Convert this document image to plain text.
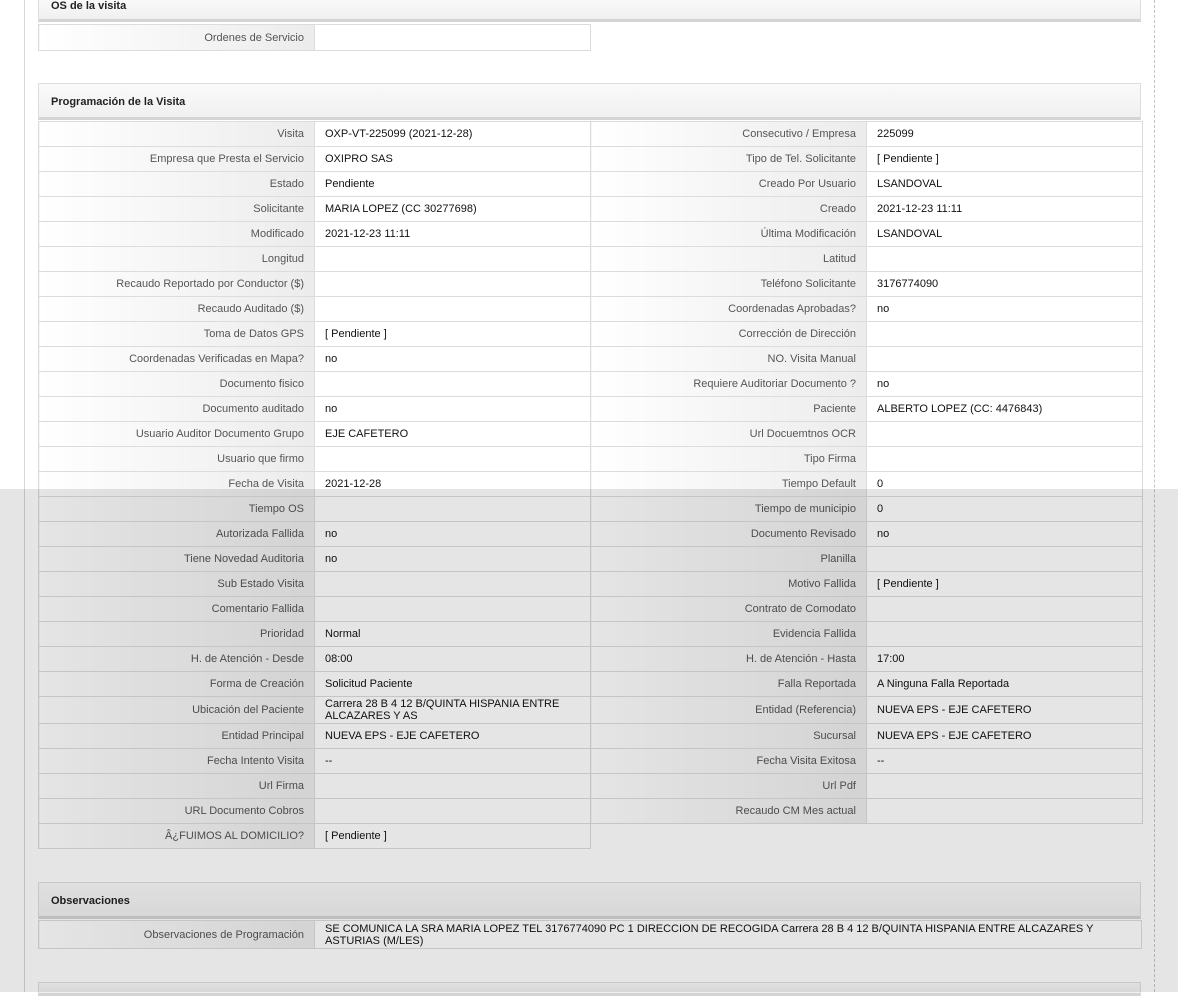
OS de la visita
Ordenes de Servicio	
Programación de la Visita
Visita	OXP-VT-225099 (2021-12-28)	Consecutivo / Empresa	225099
Empresa que Presta el Servicio	OXIPRO SAS	Tipo de Tel. Solicitante	[ Pendiente ]
Estado	Pendiente	Creado Por Usuario	LSANDOVAL
Solicitante	MARIA LOPEZ (CC 30277698)	Creado	2021-12-23 11:11
Modificado	2021-12-23 11:11	Última Modificación	LSANDOVAL
Longitud		Latitud	
Recaudo Reportado por Conductor ($)		Teléfono Solicitante	3176774090
Recaudo Auditado ($)		Coordenadas Aprobadas?	no
Toma de Datos GPS	[ Pendiente ]	Corrección de Dirección	
Coordenadas Verificadas en Mapa?	no	NO. Visita Manual	
Documento fisico		Requiere Auditoriar Documento ?	no
Documento auditado	no	Paciente	ALBERTO LOPEZ (CC: 4476843)
Usuario Auditor Documento Grupo	EJE CAFETERO	Url Docuemtnos OCR	
Usuario que firmo		Tipo Firma	
Fecha de Visita	2021-12-28	Tiempo Default	0
Tiempo OS		Tiempo de municipio	0
Autorizada Fallida	no	Documento Revisado	no
Tiene Novedad Auditoria	no	Planilla	
Sub Estado Visita		Motivo Fallida	[ Pendiente ]
Comentario Fallida		Contrato de Comodato	
Prioridad	Normal	Evidencia Fallida	
H. de Atención - Desde	08:00	H. de Atención - Hasta	17:00
Forma de Creación	Solicitud Paciente	Falla Reportada	A Ninguna Falla Reportada
Ubicación del Paciente	Carrera 28 B 4 12 B/QUINTA HISPANIA ENTRE ALCAZARES Y AS	Entidad (Referencia)	NUEVA EPS - EJE CAFETERO
Entidad Principal	NUEVA EPS - EJE CAFETERO	Sucursal	NUEVA EPS - EJE CAFETERO
Fecha Intento Visita	--	Fecha Visita Exitosa	--
Url Firma		Url Pdf	
URL Documento Cobros		Recaudo CM Mes actual	
Â¿FUIMOS AL DOMICILIO?	[ Pendiente ]		
Observaciones
Observaciones de Programación	SE COMUNICA LA SRA MARIA LOPEZ TEL 3176774090 PC 1 DIRECCION DE RECOGIDA Carrera 28 B 4 12 B/QUINTA HISPANIA ENTRE ALCAZARES Y ASTURIAS (M/LES)
